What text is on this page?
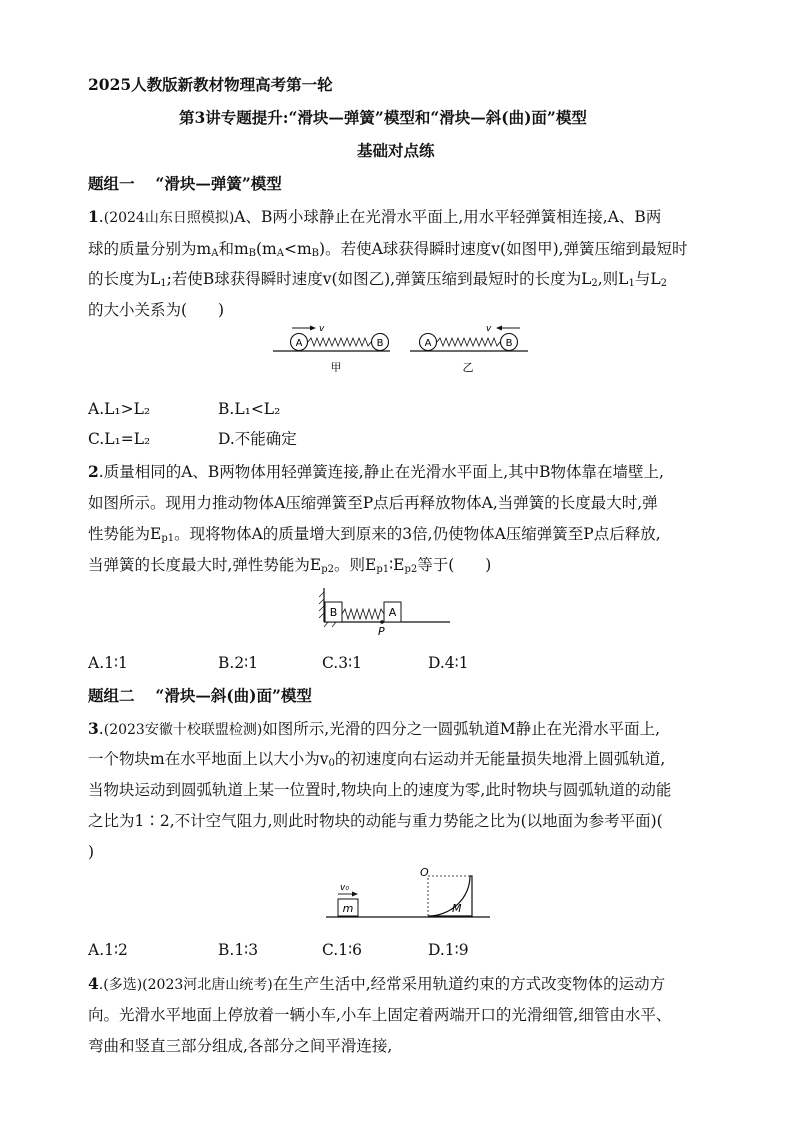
2025人教版新教材物理高考第一轮
第3讲专题提升:“滑块—弹簧”模型和“滑块—斜(曲)面”模型
基础对点练
题组一　 “滑块—弹簧”模型
1.(2024山东日照模拟)A、B两小球静止在光滑水平面上,用水平轻弹簧相连接,A、B两
球的质量分别为$m_A$和$m_B(m_A<m_B)$。若使A球获得瞬时速度v(如图甲),弹簧压缩到最短时
的长度为$L_1$;若使B球获得瞬时速度v(如图乙),弹簧压缩到最短时的长度为$L_2$,则$L_1$与$L_2$
的大小关系为(　　)
A	B
v
甲
A	B
v
乙
A.L₁>L₂	B.L₁<L₂
C.L₁=L₂	D.不能确定
2.质量相同的A、B两物体用轻弹簧连接,静止在光滑水平面上,其中B物体靠在墙壁上,
如图所示。现用力推动物体A压缩弹簧至P点后再释放物体A,当弹簧的长度最大时,弹
性势能为$E_{p1}$。现将物体A的质量增大到原来的3倍,仍使物体A压缩弹簧至P点后释放,
当弹簧的长度最大时,弹性势能为$E_{p2}$。则$E_{p1}∶E_{p2}$等于(　　)
B	A
P
A.1∶1	B.2∶1	C.3∶1	D.4∶1
题组二　 “滑块—斜(曲)面”模型
3.(2023安徽十校联盟检测)如图所示,光滑的四分之一圆弧轨道M静止在光滑水平面上,
一个物块m在水平地面上以大小为$v_0$的初速度向右运动并无能量损失地滑上圆弧轨道,
当物块运动到圆弧轨道上某一位置时,物块向上的速度为零,此时物块与圆弧轨道的动能
之比为1∶2,不计空气阻力,则此时物块的动能与重力势能之比为(以地面为参考平面)(
)
m
v₀
O
M
A.1∶2	B.1∶3	C.1∶6	D.1∶9
4.(多选)(2023河北唐山统考)在生产生活中,经常采用轨道约束的方式改变物体的运动方
向。光滑水平地面上停放着一辆小车,小车上固定着两端开口的光滑细管,细管由水平、
弯曲和竖直三部分组成,各部分之间平滑连接,
